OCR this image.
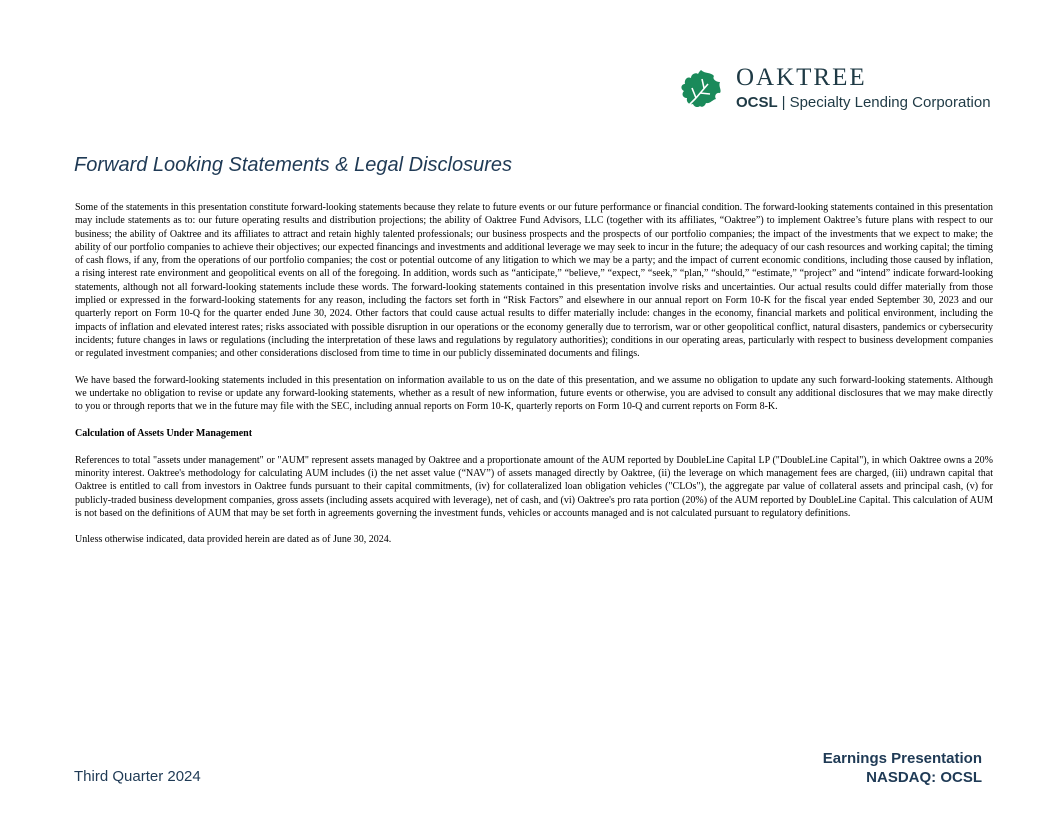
OAKTREE
OCSL | Specialty Lending Corporation
Forward Looking Statements & Legal Disclosures

Some of the statements in this presentation constitute forward-looking statements because they relate to future events or our future performance or financial condition. The forward-looking statements contained in this presentation may include statements as to: our future operating results and distribution projections; the ability of Oaktree Fund Advisors, LLC (together with its affiliates, “Oaktree”) to implement Oaktree’s future plans with respect to our business; the ability of Oaktree and its affiliates to attract and retain highly talented professionals; our business prospects and the prospects of our portfolio companies; the impact of the investments that we expect to make; the ability of our portfolio companies to achieve their objectives; our expected financings and investments and additional leverage we may seek to incur in the future; the adequacy of our cash resources and working capital; the timing of cash flows, if any, from the operations of our portfolio companies; the cost or potential outcome of any litigation to which we may be a party; and the impact of current economic conditions, including those caused by inflation, a rising interest rate environment and geopolitical events on all of the foregoing. In addition, words such as “anticipate,” “believe,” “expect,” “seek,” “plan,” “should,” “estimate,” “project” and “intend” indicate forward-looking statements, although not all forward-looking statements include these words. The forward-looking statements contained in this presentation involve risks and uncertainties. Our actual results could differ materially from those implied or expressed in the forward-looking statements for any reason, including the factors set forth in “Risk Factors” and elsewhere in our annual report on Form 10-K for the fiscal year ended September 30, 2023 and our quarterly report on Form 10-Q for the quarter ended June 30, 2024. Other factors that could cause actual results to differ materially include: changes in the economy, financial markets and political environment, including the impacts of inflation and elevated interest rates; risks associated with possible disruption in our operations or the economy generally due to terrorism, war or other geopolitical conflict, natural disasters, pandemics or cybersecurity incidents; future changes in laws or regulations (including the interpretation of these laws and regulations by regulatory authorities); conditions in our operating areas, particularly with respect to business development companies or regulated investment companies; and other considerations disclosed from time to time in our publicly disseminated documents and filings.

We have based the forward-looking statements included in this presentation on information available to us on the date of this presentation, and we assume no obligation to update any such forward-looking statements. Although we undertake no obligation to revise or update any forward-looking statements, whether as a result of new information, future events or otherwise, you are advised to consult any additional disclosures that we may make directly to you or through reports that we in the future may file with the SEC, including annual reports on Form 10-K, quarterly reports on Form 10-Q and current reports on Form 8-K.

Calculation of Assets Under Management

References to total "assets under management" or "AUM" represent assets managed by Oaktree and a proportionate amount of the AUM reported by DoubleLine Capital LP ("DoubleLine Capital"), in which Oaktree owns a 20% minority interest. Oaktree's methodology for calculating AUM includes (i) the net asset value (“NAV”) of assets managed directly by Oaktree, (ii) the leverage on which management fees are charged, (iii) undrawn capital that Oaktree is entitled to call from investors in Oaktree funds pursuant to their capital commitments, (iv) for collateralized loan obligation vehicles ("CLOs"), the aggregate par value of collateral assets and principal cash, (v) for publicly-traded business development companies, gross assets (including assets acquired with leverage), net of cash, and (vi) Oaktree's pro rata portion (20%) of the AUM reported by DoubleLine Capital. This calculation of AUM is not based on the definitions of AUM that may be set forth in agreements governing the investment funds, vehicles or accounts managed and is not calculated pursuant to regulatory definitions.

Unless otherwise indicated, data provided herein are dated as of June 30, 2024.

Third Quarter 2024
Earnings Presentation
NASDAQ: OCSL
